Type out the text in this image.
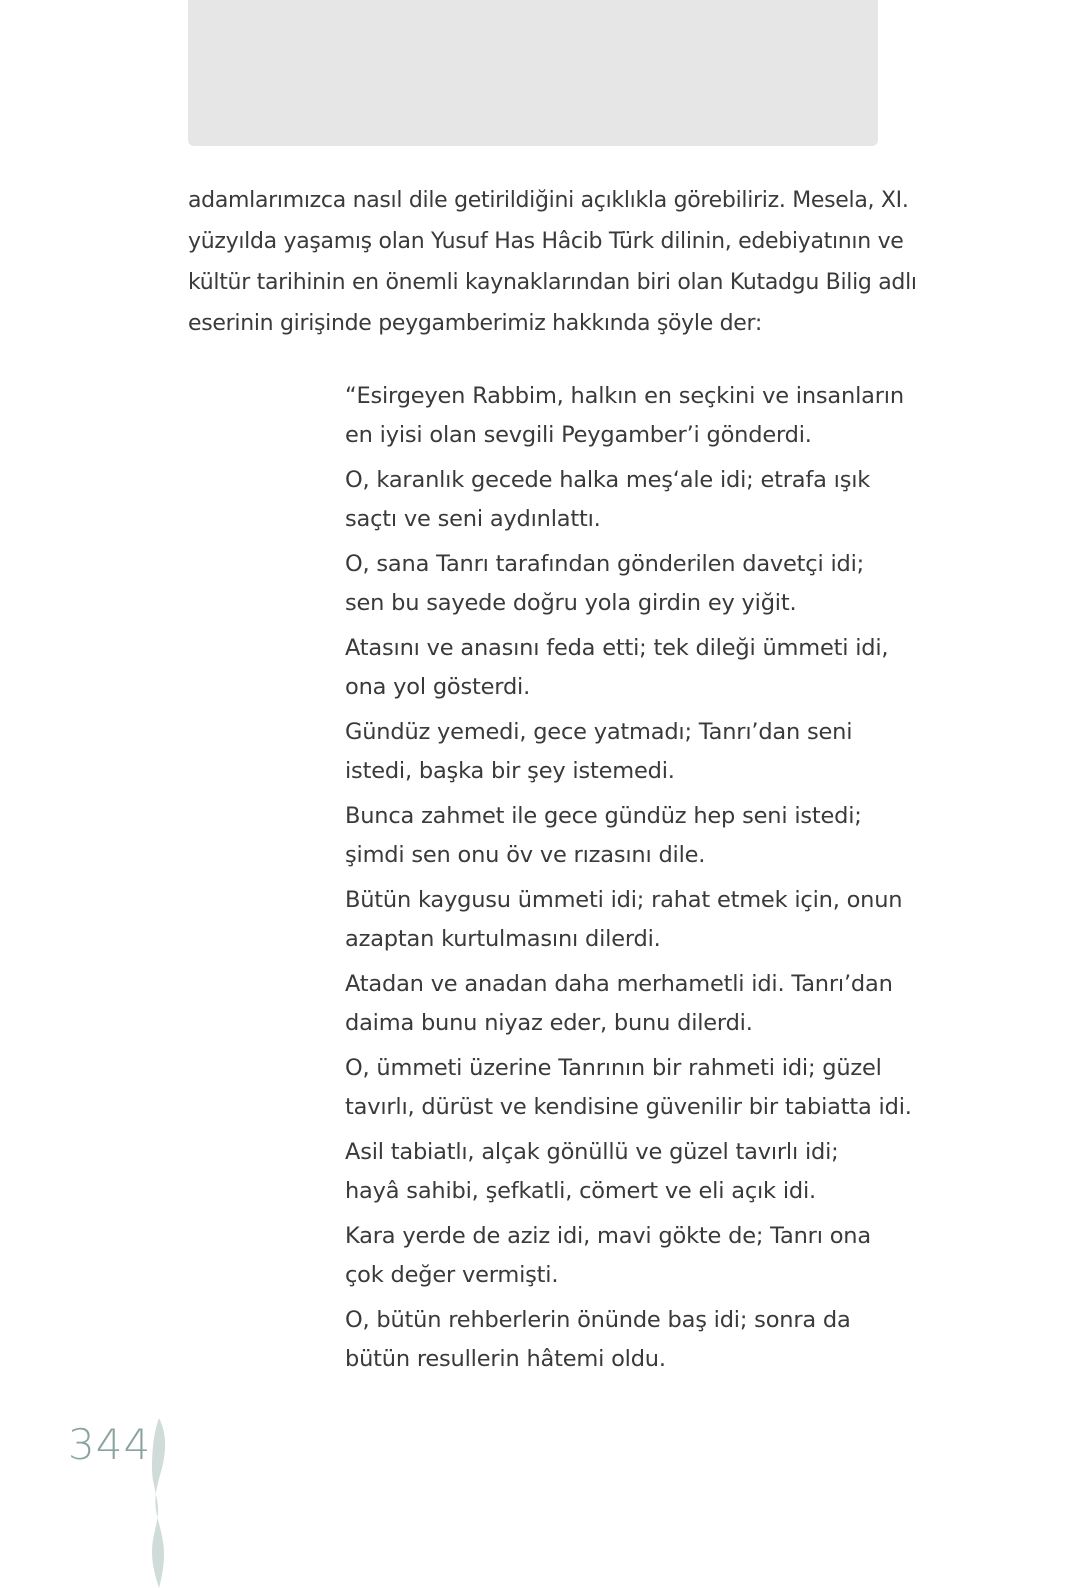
adamlarımızca nasıl dile getirildiğini açıklıkla görebiliriz. Mesela, XI.
yüzyılda yaşamış olan Yusuf Has Hâcib Türk dilinin, edebiyatının ve
kültür tarihinin en önemli kaynaklarından biri olan Kutadgu Bilig adlı
eserinin girişinde peygamberimiz hakkında şöyle der:

“Esirgeyen Rabbim, halkın en seçkini ve insanların
en iyisi olan sevgili Peygamber’i gönderdi.

O, karanlık gecede halka meş‘ale idi; etrafa ışık
saçtı ve seni aydınlattı.

O, sana Tanrı tarafından gönderilen davetçi idi;
sen bu sayede doğru yola girdin ey yiğit.

Atasını ve anasını feda etti; tek dileği ümmeti idi,
ona yol gösterdi.

Gündüz yemedi, gece yatmadı; Tanrı’dan seni
istedi, başka bir şey istemedi.

Bunca zahmet ile gece gündüz hep seni istedi;
şimdi sen onu öv ve rızasını dile.

Bütün kaygusu ümmeti idi; rahat etmek için, onun
azaptan kurtulmasını dilerdi.

Atadan ve anadan daha merhametli idi. Tanrı’dan
daima bunu niyaz eder, bunu dilerdi.

O, ümmeti üzerine Tanrının bir rahmeti idi; güzel
tavırlı, dürüst ve kendisine güvenilir bir tabiatta idi.

Asil tabiatlı, alçak gönüllü ve güzel tavırlı idi;
hayâ sahibi, şefkatli, cömert ve eli açık idi.

Kara yerde de aziz idi, mavi gökte de; Tanrı ona
çok değer vermişti.

O, bütün rehberlerin önünde baş idi; sonra da
bütün resullerin hâtemi oldu.

344
